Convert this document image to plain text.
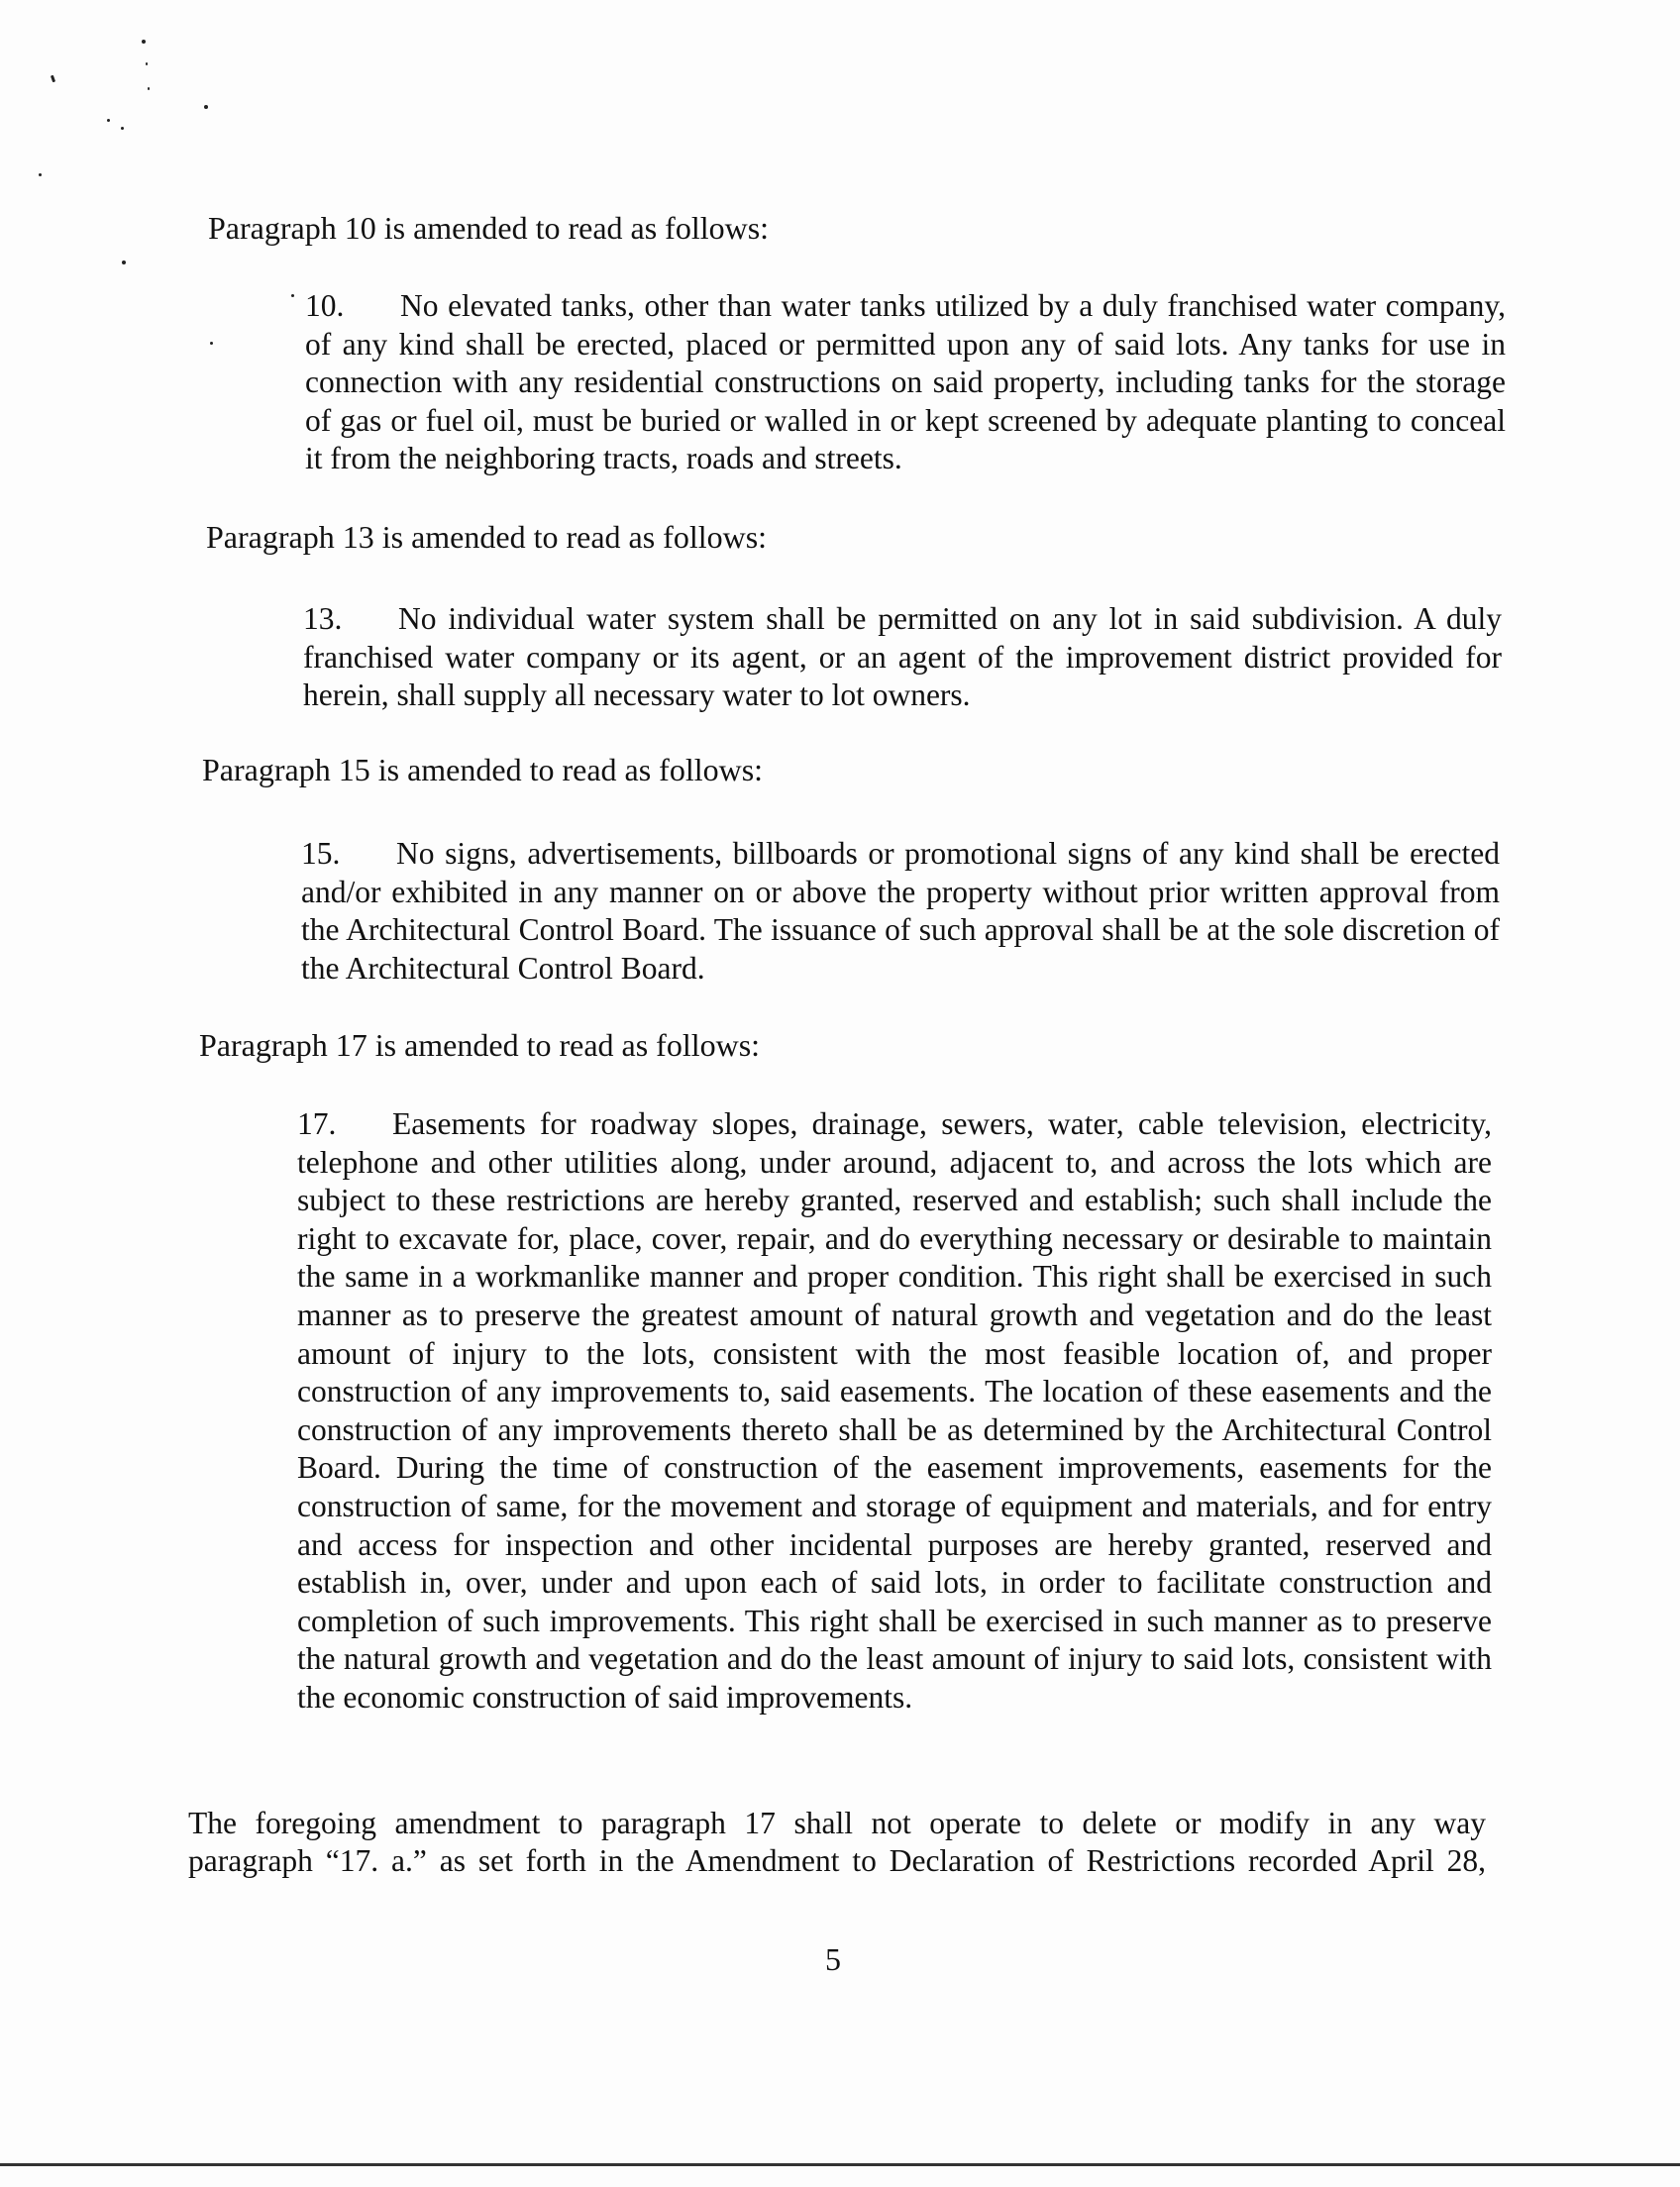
Paragraph 10 is amended to read as follows:
10. No elevated tanks, other than water tanks utilized by a duly franchised water company, of any kind shall be erected, placed or permitted upon any of said lots. Any tanks for use in connection with any residential constructions on said property, including tanks for the storage of gas or fuel oil, must be buried or walled in or kept screened by adequate planting to conceal it from the neighboring tracts, roads and streets.
Paragraph 13 is amended to read as follows:
13. No individual water system shall be permitted on any lot in said subdivision. A duly franchised water company or its agent, or an agent of the improvement district provided for herein, shall supply all necessary water to lot owners.
Paragraph 15 is amended to read as follows:
15. No signs, advertisements, billboards or promotional signs of any kind shall be erected and/or exhibited in any manner on or above the property without prior written approval from the Architectural Control Board. The issuance of such approval shall be at the sole discretion of the Architectural Control Board.
Paragraph 17 is amended to read as follows:
17. Easements for roadway slopes, drainage, sewers, water, cable television, electricity, telephone and other utilities along, under around, adjacent to, and across the lots which are subject to these restrictions are hereby granted, reserved and establish; such shall include the right to excavate for, place, cover, repair, and do everything necessary or desirable to maintain the same in a workmanlike manner and proper condition. This right shall be exercised in such manner as to preserve the greatest amount of natural growth and vegetation and do the least amount of injury to the lots, consistent with the most feasible location of, and proper construction of any improvements to, said easements. The location of these easements and the construction of any improvements thereto shall be as determined by the Architectural Control Board. During the time of construction of the easement improvements, easements for the construction of same, for the movement and storage of equipment and materials, and for entry and access for inspection and other incidental purposes are hereby granted, reserved and establish in, over, under and upon each of said lots, in order to facilitate construction and completion of such improvements. This right shall be exercised in such manner as to preserve the natural growth and vegetation and do the least amount of injury to said lots, consistent with the economic construction of said improvements.
The foregoing amendment to paragraph 17 shall not operate to delete or modify in any way
paragraph “17. a.” as set forth in the Amendment to Declaration of Restrictions recorded April 28,
5
